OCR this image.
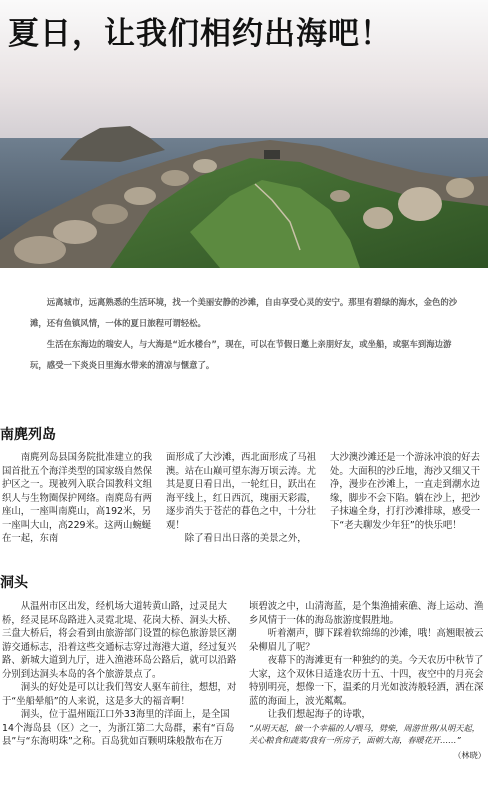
夏日，让我们相约出海吧！

远离城市，远离熟悉的生活环境，找一个美丽安静的沙滩，自由享受心灵的安宁。那里有碧绿的海水，金色的沙滩，还有鱼镇风情，一体的夏日旅程可谓轻松。

生活在东海边的瑞安人，与大海是“近水楼台”，现在，可以在节假日邀上亲朋好友，或坐船，或驱车到海边游玩，感受一下炎炎日里海水带来的清凉与惬意了。

南麂列岛

南麂列岛县国务院批准建立的我国首批五个海洋类型的国家级自然保护区之一。现被列入联合国教科文组织人与生物圈保护网络。南麂岛有两座山，一座叫南麂山，高192米，另一座叫大山，高229米。这两山蜿蜒在一起，东南

面形成了大沙滩，西北面形成了马祖澳。站在山巅可望东海万顷云涛。尤其是夏日看日出，一轮红日，跃出在海平线上，红日西沉，瑰丽天彩霞，逐步消失于苍茫的暮色之中，十分壮观！

除了看日出日落的美景之外，

大沙澳沙滩还是一个游泳冲浪的好去处。大面积的沙丘地，海沙又细又干净，漫步在沙滩上，一直走到潮水边缘，脚步不会下陷。躺在沙上，把沙子抹遍全身，打打沙滩排球，感受一下“老夫聊发少年狂”的快乐吧！

洞头

从温州市区出发，经机场大道转黄山路，过灵昆大桥，经灵昆环岛路进入灵霓北堤、花岗大桥、洞头大桥、三盘大桥后，将会看到由旅游部门设置的棕色旅游景区潮游交通标志，沿着这些交通标志穿过海港大道，经过复兴路、新城大道到九厅，进入渔港环岛公路后，就可以沿路分别到达洞头本岛的各个旅游景点了。

洞头的好处是可以让我们驾安人驱车前往，想想，对于“坐船晕船”的人来说，这是多大的福音啊！

洞头，位于温州瓯江口外33海里的洋面上，是全国14个海岛县（区）之一，为浙江第二大岛群，素有“百岛县”与“东海明珠”之称。百岛犹如百颗明珠般散布在万

顷碧波之中，山清海蓝，是个集渔捕索礁、海上运动、渔乡风情于一体的海岛旅游度假胜地。

听着潮声，脚下踩着软绵绵的沙滩，哦！高翘眼被云朵柳眉儿了呢？

夜幕下的海滩更有一种独约的美。今天农历中秋节了大家，这个双休日适逢农历十五、十四，夜空中的月亮会特别明亮，想像一下，温柔的月光如波涛般轻洒，洒在深蓝的海面上，波光粼粼。

让我们想起海子的诗歌，

“从明天起，做一个幸福的人/喂马，劈柴，周游世界/从明天起，关心粮食和蔬菜/我有一所房子，面朝大海，春暖花开……”

（林晓）
